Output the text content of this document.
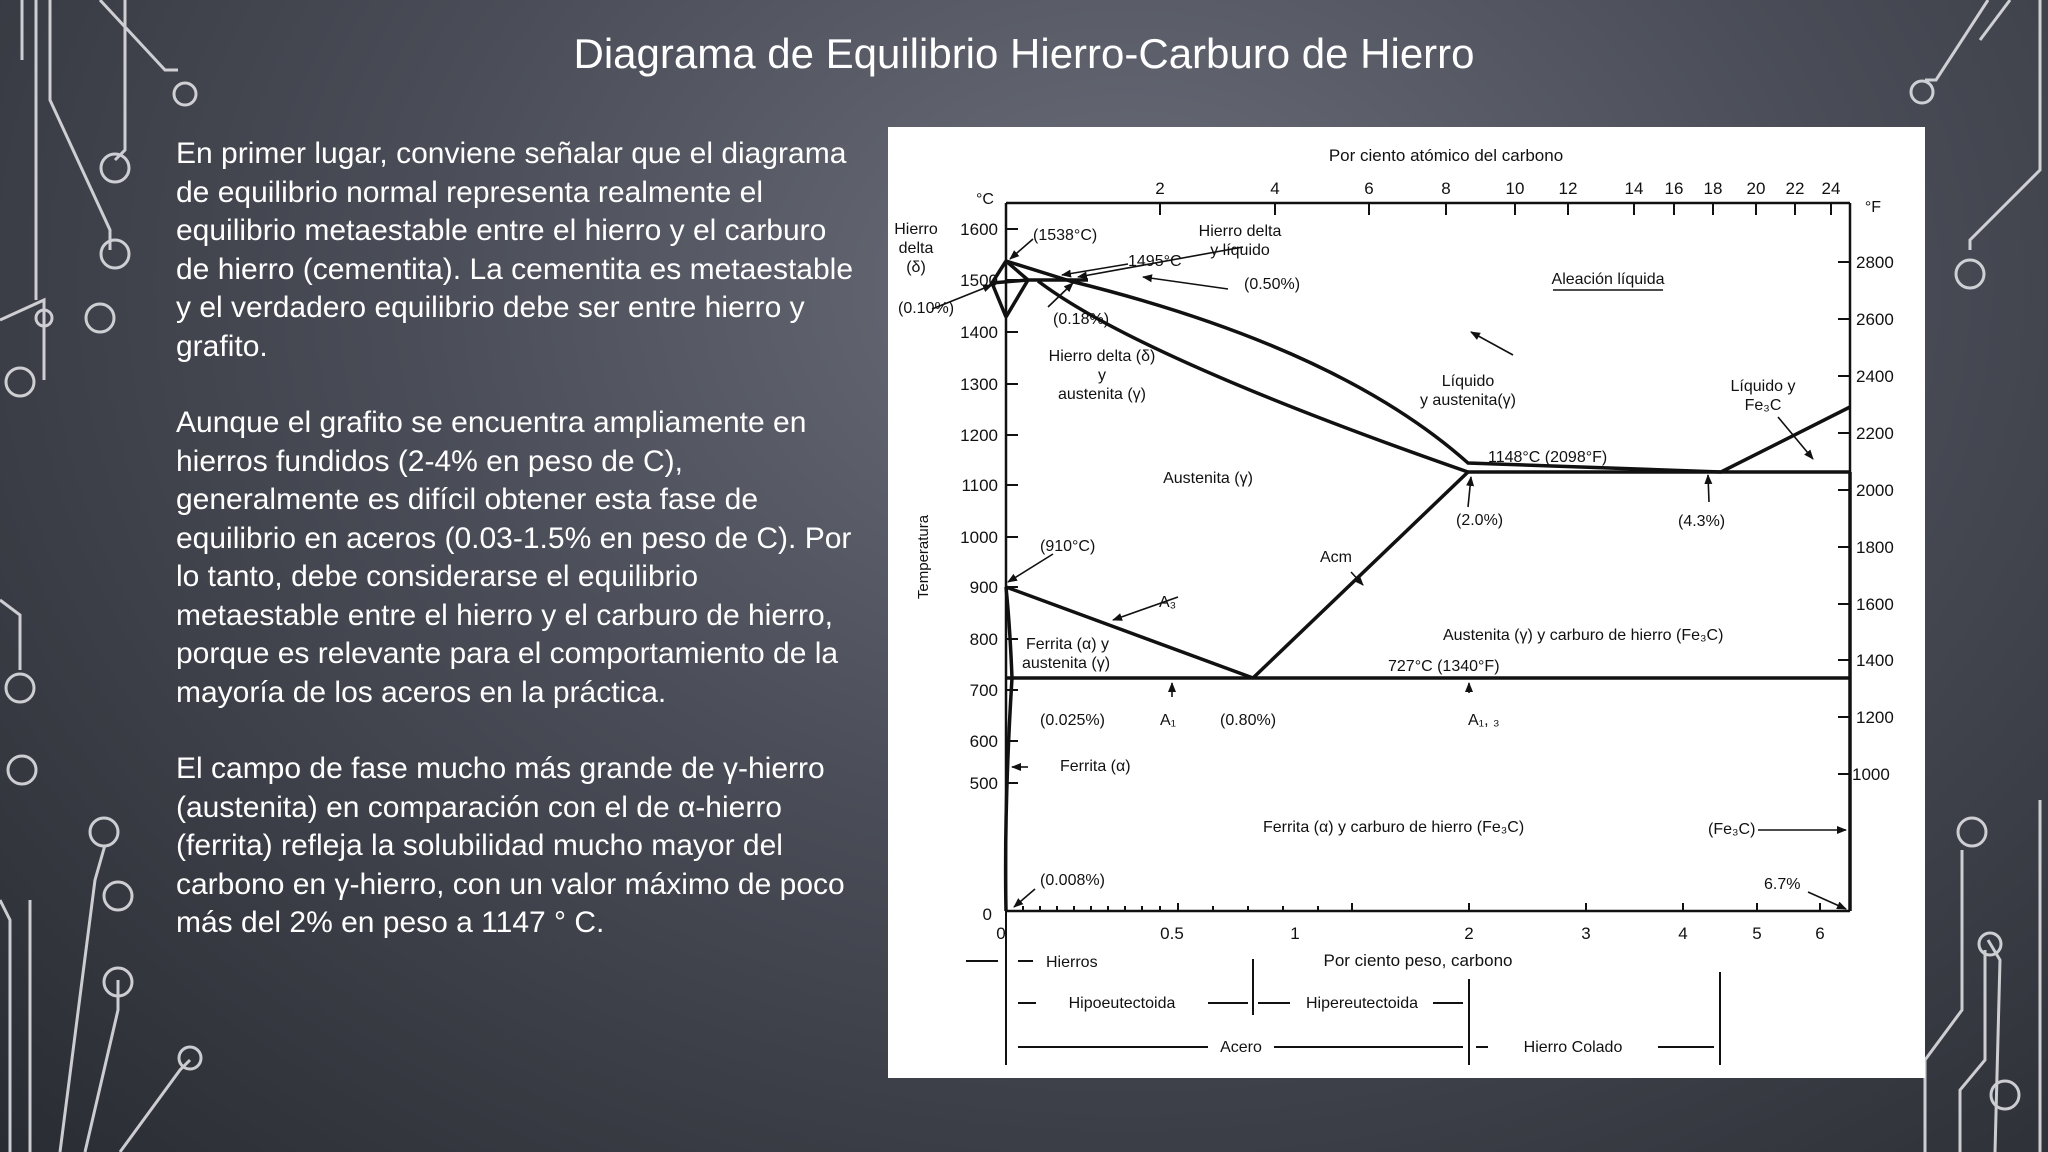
Diagrama de Equilibrio Hierro-Carburo de Hierro

En primer lugar, conviene señalar que el diagrama de equilibrio normal representa realmente el equilibrio metaestable entre el hierro y el carburo de hierro (cementita). La cementita es metaestable y el verdadero equilibrio debe ser entre hierro y grafito.

Aunque el grafito se encuentra ampliamente en hierros fundidos (2-4% en peso de C), generalmente es difícil obtener esta fase de equilibrio en aceros (0.03-1.5% en peso de C). Por lo tanto, debe considerarse el equilibrio metaestable entre el hierro y el carburo de hierro, porque es relevante para el comportamiento de la mayoría de los aceros en la práctica.

El campo de fase mucho más grande de γ-hierro (austenita) en comparación con el de α-hierro (ferrita) refleja la solubilidad mucho mayor del carbono en γ-hierro, con un valor máximo de poco más del 2% en peso a 1147 ° C.

Por ciento atómico del carbono
2	4	6	8	10 12	14 16 18 20 22 24
°C	°F
1600
1500
1400
1300
1200
1100
1000
900
800
700
600
500
0
2800
2600
2400
2200
2000
1800
1600
1400
1200
1000
Temperatura
0	0.5	1	2	3	4	5	6
Por ciento peso, carbono
Hierro
delta
(δ)
(0.10%)
(1538°C)
1495°C
Hierro delta
y líquido
(0.50%)
(0.18%)
Aleación líquida
Hierro delta (δ)
y
austenita (γ)
Líquido
y austenita(γ)
Líquido y
Fe₃C
1148°C (2098°F)
Austenita (γ)
(2.0%)	(4.3%)
(910°C)
Acm
A₃
Ferrita (α) y
austenita (γ)
Austenita (γ) y carburo de hierro (Fe₃C)
727°C (1340°F)
(0.025%)	A₁	(0.80%)	A₁, ₃
Ferrita (α)
Ferrita (α) y carburo de hierro (Fe₃C)	(Fe₃C)
(0.008%)	6.7%
Hierros
Hipoeutectoida	Hipereutectoida
Acero	Hierro Colado
